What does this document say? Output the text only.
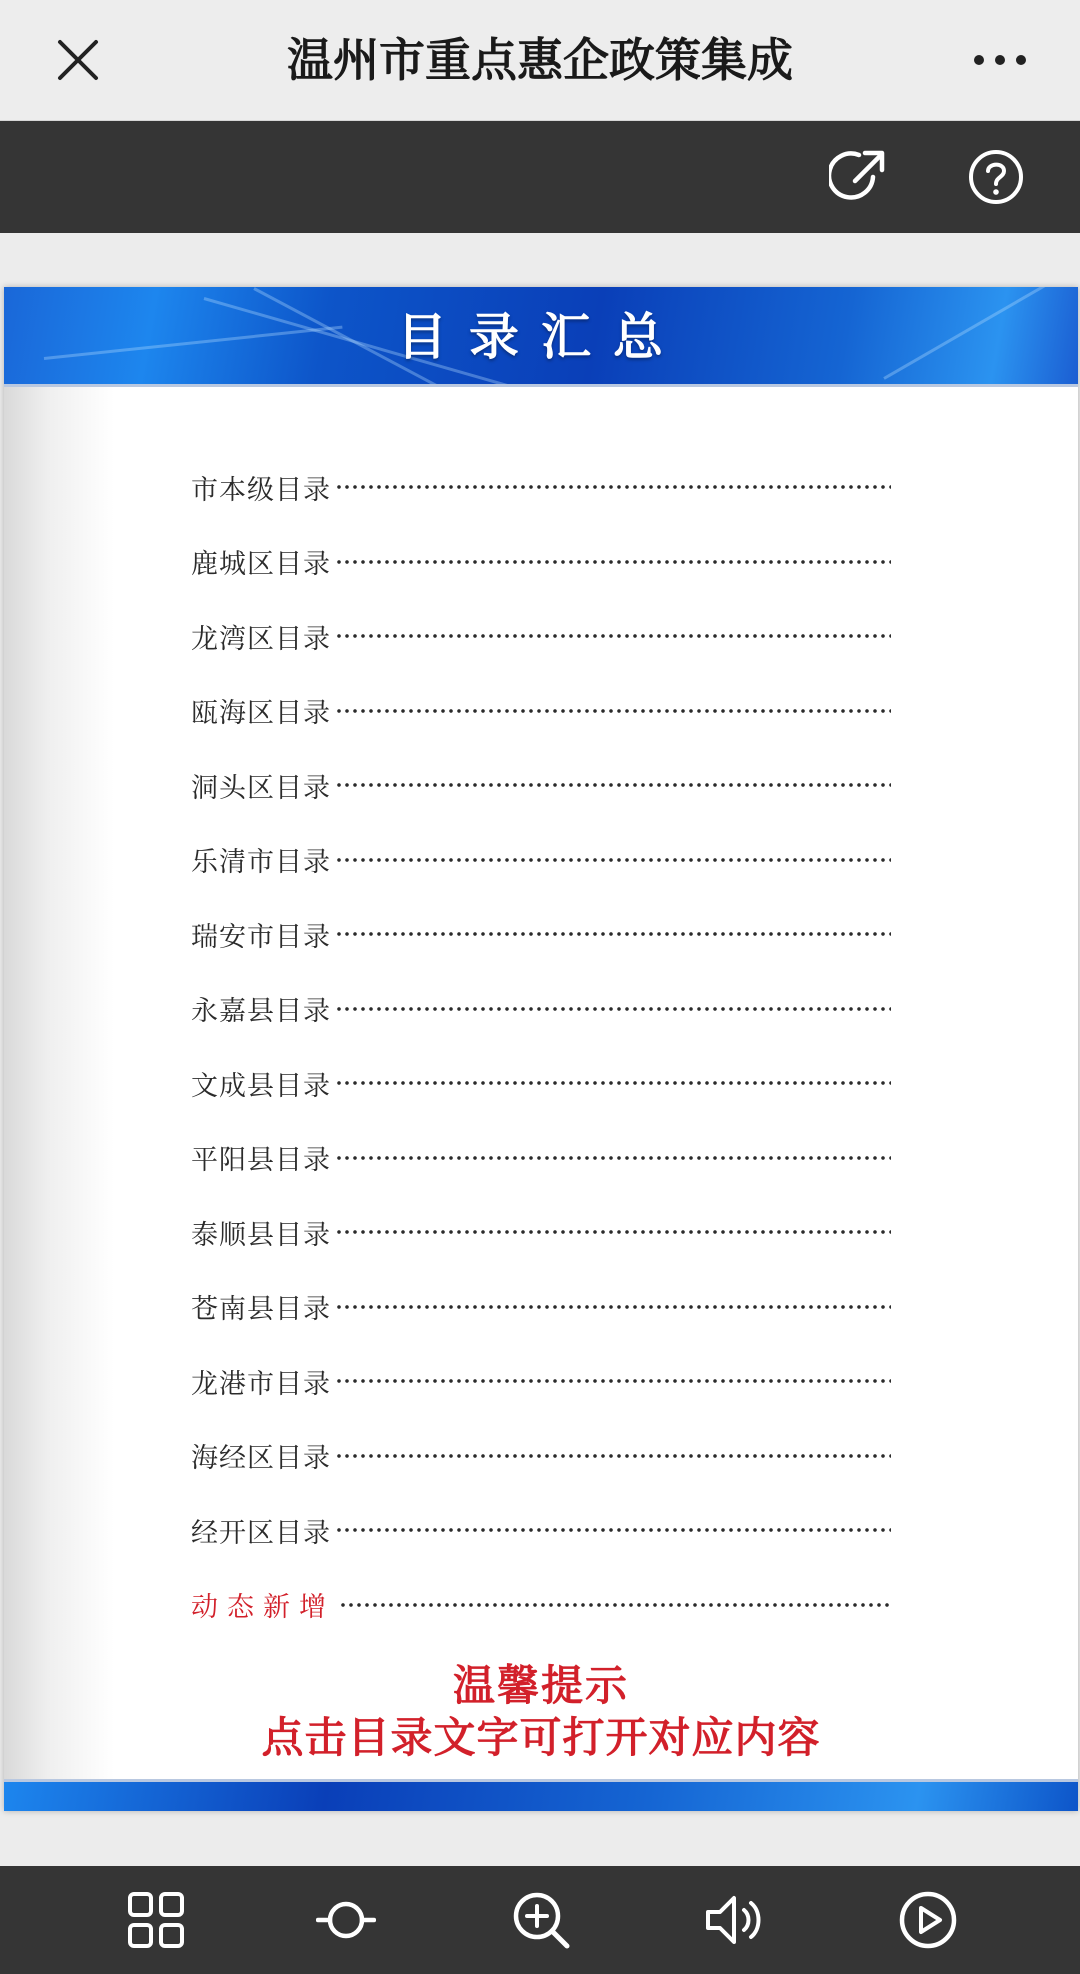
温州市重点惠企政策集成
目录汇总
市本级目录
鹿城区目录
龙湾区目录
瓯海区目录
洞头区目录
乐清市目录
瑞安市目录
永嘉县目录
文成县目录
平阳县目录
泰顺县目录
苍南县目录
龙港市目录
海经区目录
经开区目录
动态新增
温馨提示
点击目录文字可打开对应内容
